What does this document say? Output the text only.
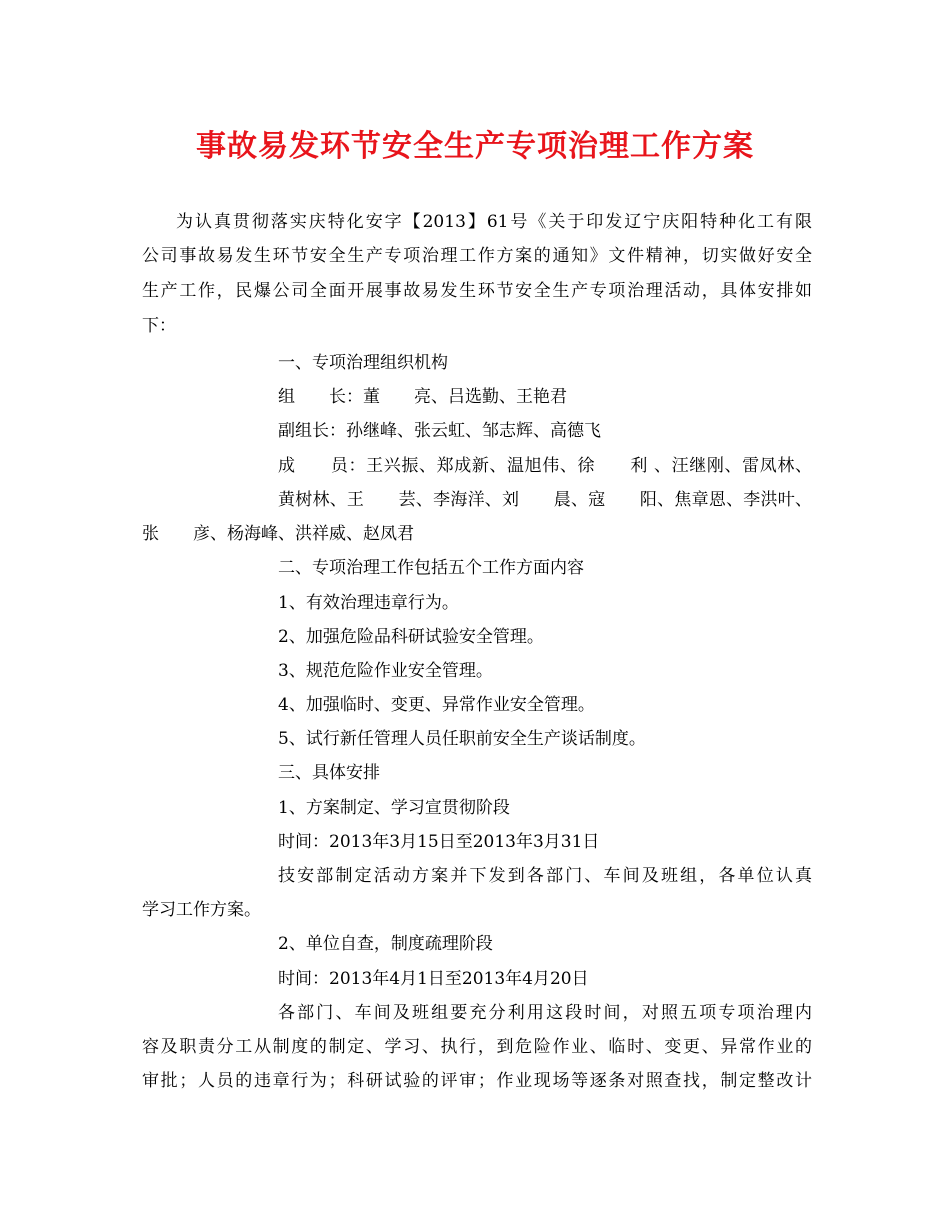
事故易发环节安全生产专项治理工作方案
为认真贯彻落实庆特化安字【2013】61号《关于印发辽宁庆阳特种化工有限
公司事故易发生环节安全生产专项治理工作方案的通知》文件精神，切实做好安全
生产工作，民爆公司全面开展事故易发生环节安全生产专项治理活动，具体安排如
下：
一、专项治理组织机构
组　　长：董　　亮、吕选勤、王艳君
副组长：孙继峰、张云虹、邹志辉、高德飞
成　　员：王兴振、郑成新、温旭伟、徐　　利 、汪继刚、雷凤林、
黄树林、王　　芸、李海洋、刘　　晨、寇　　阳、焦章恩、李洪叶、
张　　彦、杨海峰、洪祥威、赵凤君
二、专项治理工作包括五个工作方面内容
1、有效治理违章行为。
2、加强危险品科研试验安全管理。
3、规范危险作业安全管理。
4、加强临时、变更、异常作业安全管理。
5、试行新任管理人员任职前安全生产谈话制度。
三、具体安排
1、方案制定、学习宣贯彻阶段
时间：2013年3月15日至2013年3月31日
技安部制定活动方案并下发到各部门、车间及班组，各单位认真
学习工作方案。
2、单位自查，制度疏理阶段
时间：2013年4月1日至2013年4月20日
各部门、车间及班组要充分利用这段时间，对照五项专项治理内
容及职责分工从制度的制定、学习、执行，到危险作业、临时、变更、异常作业的
审批；人员的违章行为；科研试验的评审；作业现场等逐条对照查找，制定整改计
